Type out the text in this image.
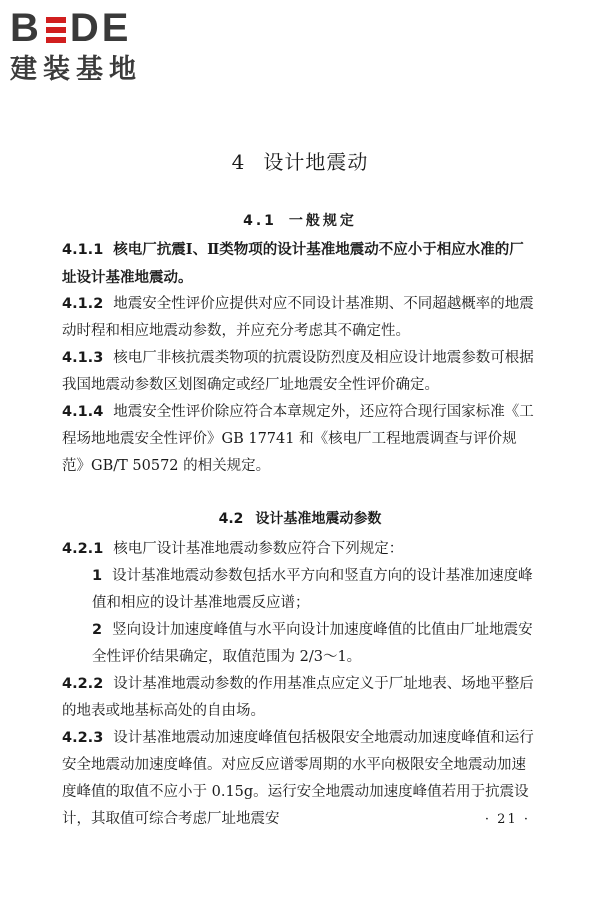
B DE
建装基地
4 设计地震动
4.1 一般规定

4.1.1 核电厂抗震Ⅰ、Ⅱ类物项的设计基准地震动不应小于相应水准的厂址设计基准地震动。

4.1.2 地震安全性评价应提供对应不同设计基准期、不同超越概率的地震动时程和相应地震动参数，并应充分考虑其不确定性。

4.1.3 核电厂非核抗震类物项的抗震设防烈度及相应设计地震参数可根据我国地震动参数区划图确定或经厂址地震安全性评价确定。

4.1.4 地震安全性评价除应符合本章规定外，还应符合现行国家标准《工程场地地震安全性评价》GB 17741 和《核电厂工程地震调查与评价规范》GB/T 50572 的相关规定。

4.2 设计基准地震动参数

4.2.1 核电厂设计基准地震动参数应符合下列规定：

1 设计基准地震动参数包括水平方向和竖直方向的设计基准加速度峰值和相应的设计基准地震反应谱；

2 竖向设计加速度峰值与水平向设计加速度峰值的比值由厂址地震安全性评价结果确定，取值范围为 2/3～1。

4.2.2 设计基准地震动参数的作用基准点应定义于厂址地表、场地平整后的地表或地基标高处的自由场。

4.2.3 设计基准地震动加速度峰值包括极限安全地震动加速度峰值和运行安全地震动加速度峰值。对应反应谱零周期的水平向极限安全地震动加速度峰值的取值不应小于 0.15g。运行安全地震动加速度峰值若用于抗震设计，其取值可综合考虑厂址地震安	· 21 ·
